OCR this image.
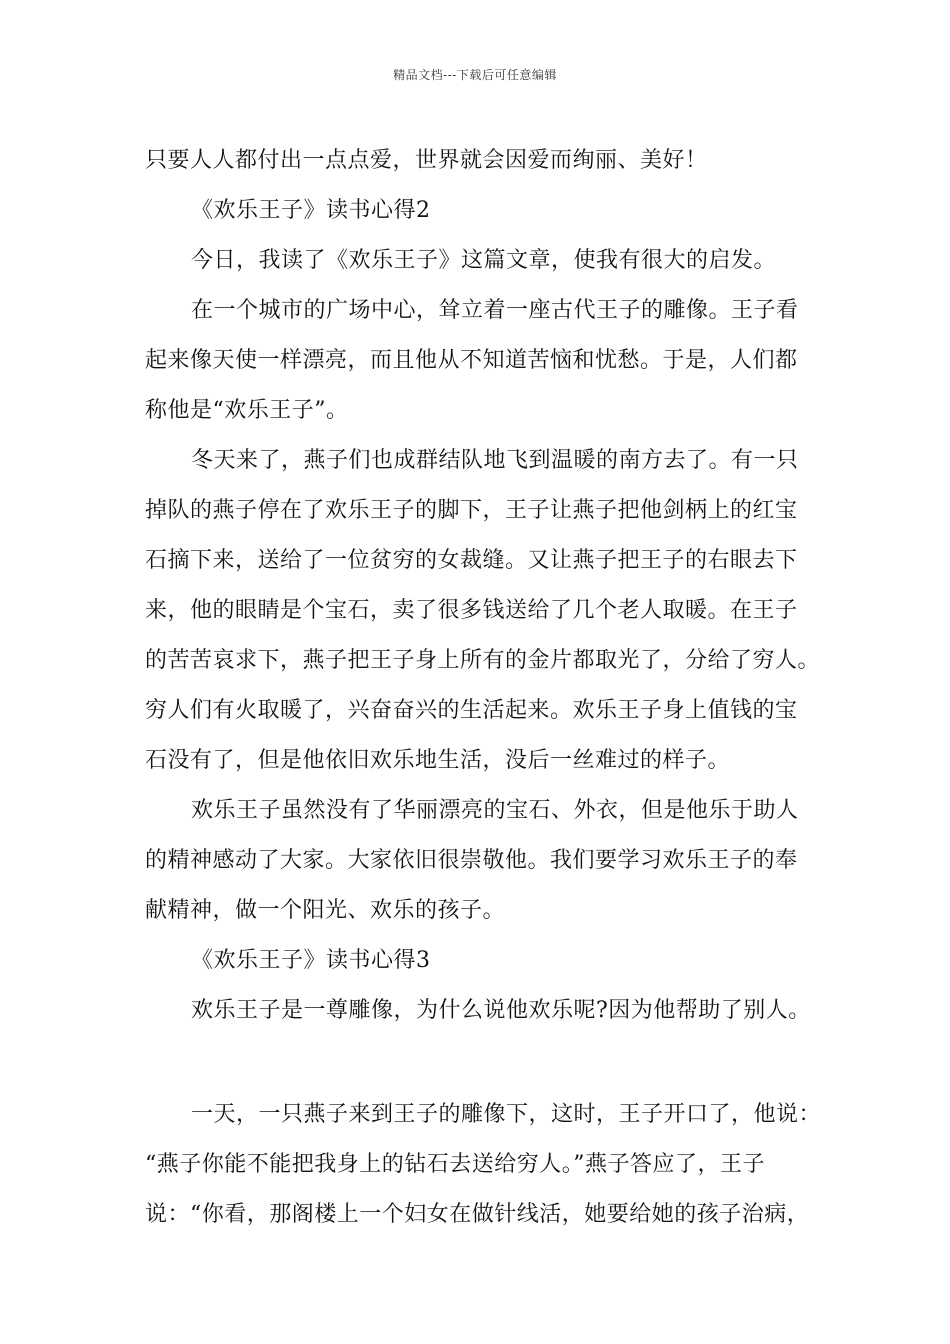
精品文档---下载后可任意编辑
只要人人都付出一点点爱，世界就会因爱而绚丽、美好！
《欢乐王子》读书心得2
今日，我读了《欢乐王子》这篇文章，使我有很大的启发。
在一个城市的广场中心，耸立着一座古代王子的雕像。王子看
起来像天使一样漂亮，而且他从不知道苦恼和忧愁。于是，人们都
称他是“欢乐王子”。
冬天来了，燕子们也成群结队地飞到温暖的南方去了。有一只
掉队的燕子停在了欢乐王子的脚下，王子让燕子把他剑柄上的红宝
石摘下来，送给了一位贫穷的女裁缝。又让燕子把王子的右眼去下
来，他的眼睛是个宝石，卖了很多钱送给了几个老人取暖。在王子
的苦苦哀求下，燕子把王子身上所有的金片都取光了，分给了穷人。
穷人们有火取暖了，兴奋奋兴的生活起来。欢乐王子身上值钱的宝
石没有了，但是他依旧欢乐地生活，没后一丝难过的样子。
欢乐王子虽然没有了华丽漂亮的宝石、外衣，但是他乐于助人
的精神感动了大家。大家依旧很崇敬他。我们要学习欢乐王子的奉
献精神，做一个阳光、欢乐的孩子。
《欢乐王子》读书心得3
欢乐王子是一尊雕像，为什么说他欢乐呢?因为他帮助了别人。
一天，一只燕子来到王子的雕像下，这时，王子开口了，他说：
“燕子你能不能把我身上的钻石去送给穷人。”燕子答应了，王子
说：“你看，那阁楼上一个妇女在做针线活，她要给她的孩子治病，
